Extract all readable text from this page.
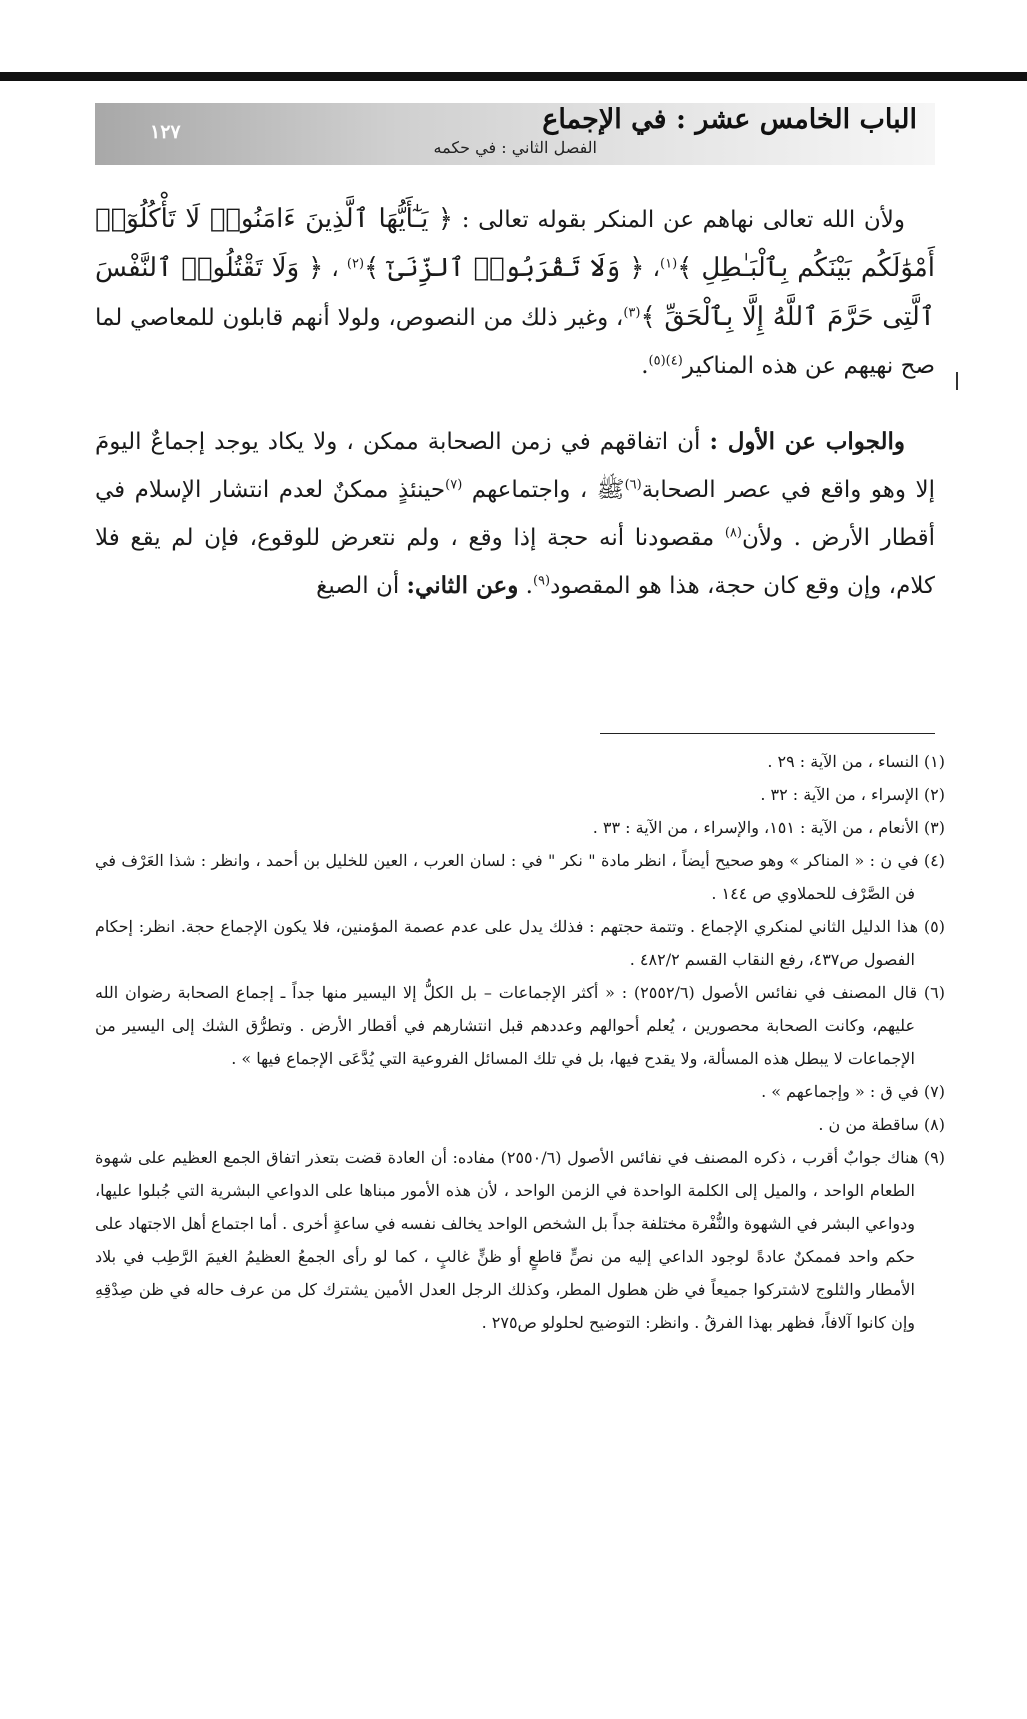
الباب الخامس عشر : في الإجماع
الفصل الثاني : في حكمه
١٢٧

ولأن الله تعالى نهاهم عن المنكر بقوله تعالى : ﴿ يَـٰٓأَيُّهَا ٱلَّذِينَ ءَامَنُوا۟ لَا تَأْكُلُوٓا۟ أَمْوَٰلَكُم بَيْنَكُم بِٱلْبَـٰطِلِ ﴾$^{(١)}$، ﴿ وَلَا تَقْرَبُوا۟ ٱلزِّنَىٰٓ ﴾$^{(٢)}$ ، ﴿ وَلَا تَقْتُلُوا۟ ٱلنَّفْسَ ٱلَّتِى حَرَّمَ ٱللَّهُ إِلَّا بِٱلْحَقِّ ﴾$^{(٣)}$، وغير ذلك من النصوص، ولولا أنهم قابلون للمعاصي لما صح نهيهم عن هذه المناكير$^{(٤)(٥)}$.

والجواب عن الأول : أن اتفاقهم في زمن الصحابة ممكن ، ولا يكاد يوجد إجماعٌ اليومَ إلا وهو واقع في عصر الصحابة$^{(٦)}$ﷺ ، واجتماعهم $^{(٧)}$حينئذٍ ممكنٌ لعدم انتشار الإسلام في أقطار الأرض . ولأن$^{(٨)}$ مقصودنا أنه حجة إذا وقع ، ولم نتعرض للوقوع، فإن لم يقع فلا كلام، وإن وقع كان حجة، هذا هو المقصود$^{(٩)}$. وعن الثاني: أن الصيغ

(١) النساء ، من الآية : ٢٩ .
(٢) الإسراء ، من الآية : ٣٢ .
(٣) الأنعام ، من الآية : ١٥١، والإسراء ، من الآية : ٣٣ .
(٤) في ن : « المناكر » وهو صحيح أيضاً ، انظر مادة " نكر " في : لسان العرب ، العين للخليل بن أحمد ، وانظر : شذا العَرْف في فن الصَّرْف للحملاوي ص ١٤٤ .
(٥) هذا الدليل الثاني لمنكري الإجماع . وتتمة حجتهم : فذلك يدل على عدم عصمة المؤمنين، فلا يكون الإجماع حجة. انظر: إحكام الفصول ص٤٣٧، رفع النقاب القسم ٤٨٢/٢ .
(٦) قال المصنف في نفائس الأصول (٢٥٥٢/٦) : « أكثر الإجماعات – بل الكلُّ إلا اليسير منها جداً ـ إجماع الصحابة رضوان الله عليهم، وكانت الصحابة محصورين ، يُعلم أحوالهم وعددهم قبل انتشارهم في أقطار الأرض . وتطرُّق الشك إلى اليسير من الإجماعات لا يبطل هذه المسألة، ولا يقدح فيها، بل في تلك المسائل الفروعية التي يُدَّعَى الإجماع فيها » .
(٧) في ق : « وإجماعهم » .
(٨) ساقطة من ن .
(٩) هناك جوابٌ أقرب ، ذكره المصنف في نفائس الأصول (٢٥٥٠/٦) مفاده: أن العادة قضت بتعذر اتفاق الجمع العظيم على شهوة الطعام الواحد ، والميل إلى الكلمة الواحدة في الزمن الواحد ، لأن هذه الأمور مبناها على الدواعي البشرية التي جُبلوا عليها، ودواعي البشر في الشهوة والنُّفْرة مختلفة جداً بل الشخص الواحد يخالف نفسه في ساعةٍ أخرى . أما اجتماع أهل الاجتهاد على حكم واحد فممكنٌ عادةً لوجود الداعي إليه من نصٍّ قاطعٍ أو ظنٍّ غالبٍ ، كما لو رأى الجمعُ العظيمُ الغيمَ الرَّطِب في بلاد الأمطار والثلوج لاشتركوا جميعاً في ظن هطول المطر، وكذلك الرجل العدل الأمين يشترك كل من عرف حاله في ظن صِدْقِهِ وإن كانوا آلافاً، فظهر بهذا الفرقُ . وانظر: التوضيح لحلولو ص٢٧٥ .
